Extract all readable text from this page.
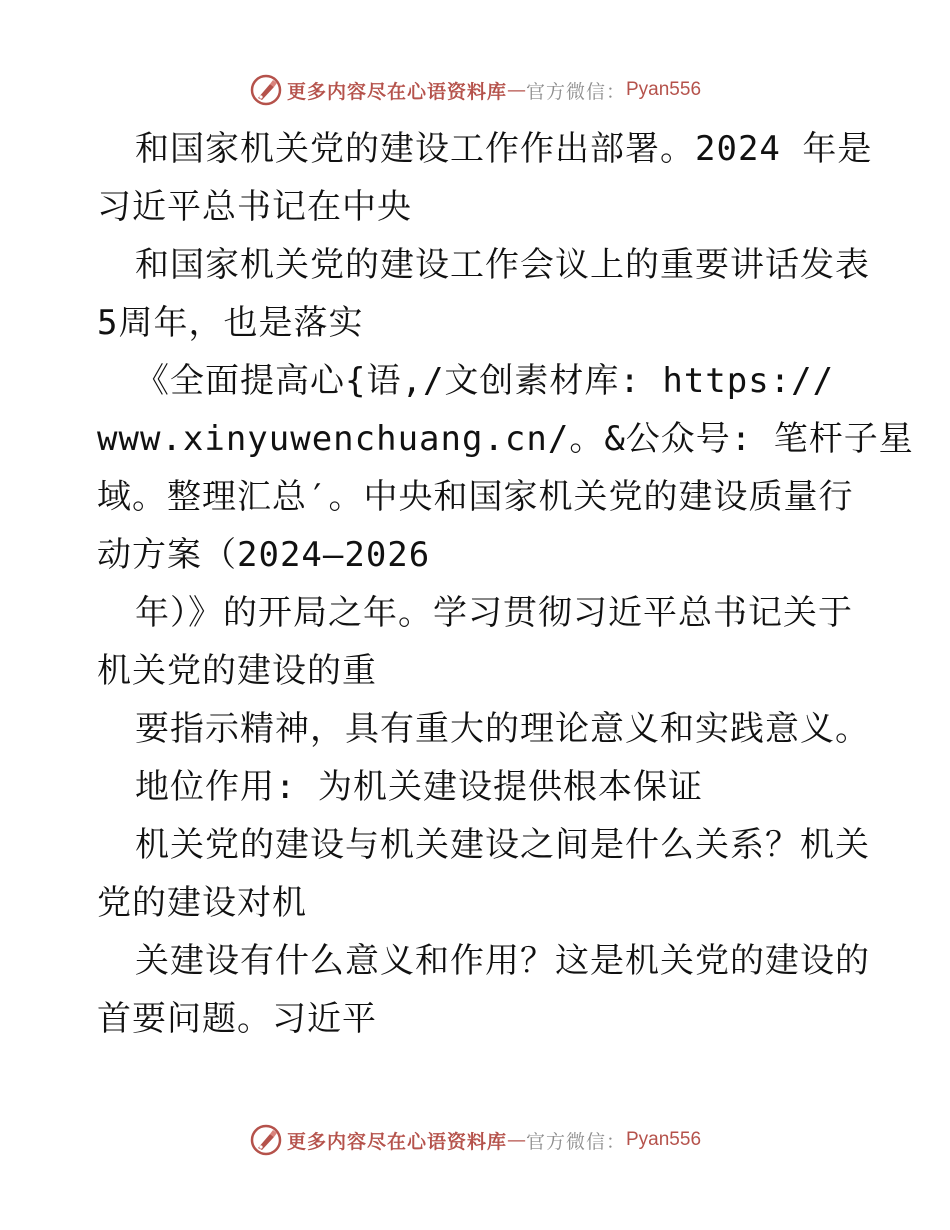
更多内容尽在心语资料库 — 官方微信： Pyan556
和国家机关党的建设工作作出部署。2024 年是
习近平总书记在中央
和国家机关党的建设工作会议上的重要讲话发表
5周年，也是落实
《全面提高心{语,/文创素材库: https://
www.xinyuwenchuang.cn/。&公众号: 笔杆子星
域。整理汇总′。中央和国家机关党的建设质量行
动方案（2024—2026
年）》的开局之年。学习贯彻习近平总书记关于
机关党的建设的重
要指示精神，具有重大的理论意义和实践意义。
地位作用: 为机关建设提供根本保证
机关党的建设与机关建设之间是什么关系？机关
党的建设对机
关建设有什么意义和作用？这是机关党的建设的
首要问题。习近平
更多内容尽在心语资料库 — 官方微信： Pyan556
